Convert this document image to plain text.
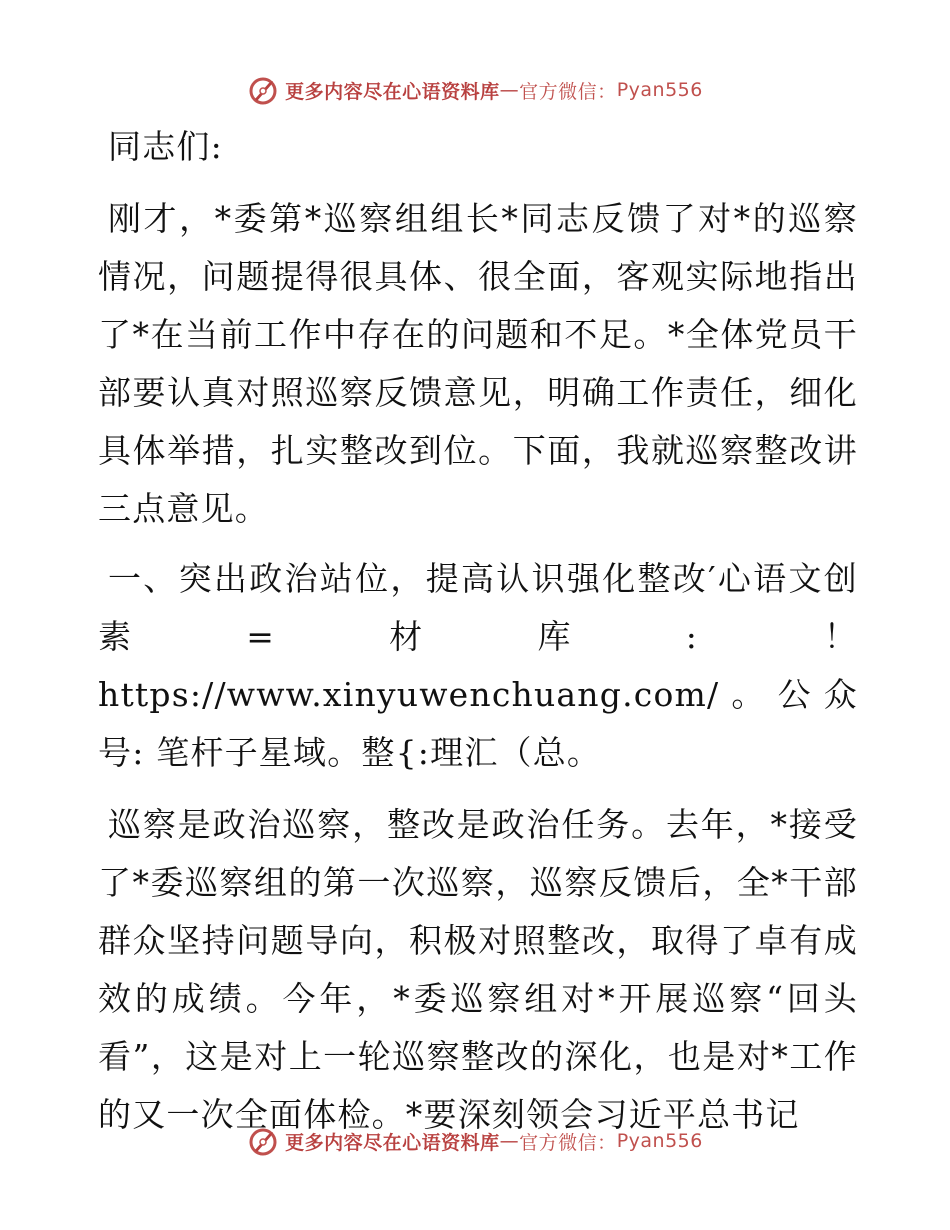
更多内容尽在心语资料库 — 官方微信： Pyan556

同志们:

刚才，*委第*巡察组组长*同志反馈了对*的巡察情况，问题提得很具体、很全面，客观实际地指出了*在当前工作中存在的问题和不足。*全体党员干部要认真对照巡察反馈意见，明确工作责任，细化具体举措，扎实整改到位。下面，我就巡察整改讲三点意见。

一、突出政治站位，提高认识强化整改′心语文创素=材库: ！ https://www.xinyuwenchuang.com/。公众号: 笔杆子星域。整{:理汇（总。

巡察是政治巡察，整改是政治任务。去年，*接受了*委巡察组的第一次巡察，巡察反馈后，全*干部群众坚持问题导向，积极对照整改，取得了卓有成效的成绩。今年，*委巡察组对*开展巡察“回头看”，这是对上一轮巡察整改的深化，也是对*工作的又一次全面体检。*要深刻领会习近平总书记

更多内容尽在心语资料库 — 官方微信： Pyan556
